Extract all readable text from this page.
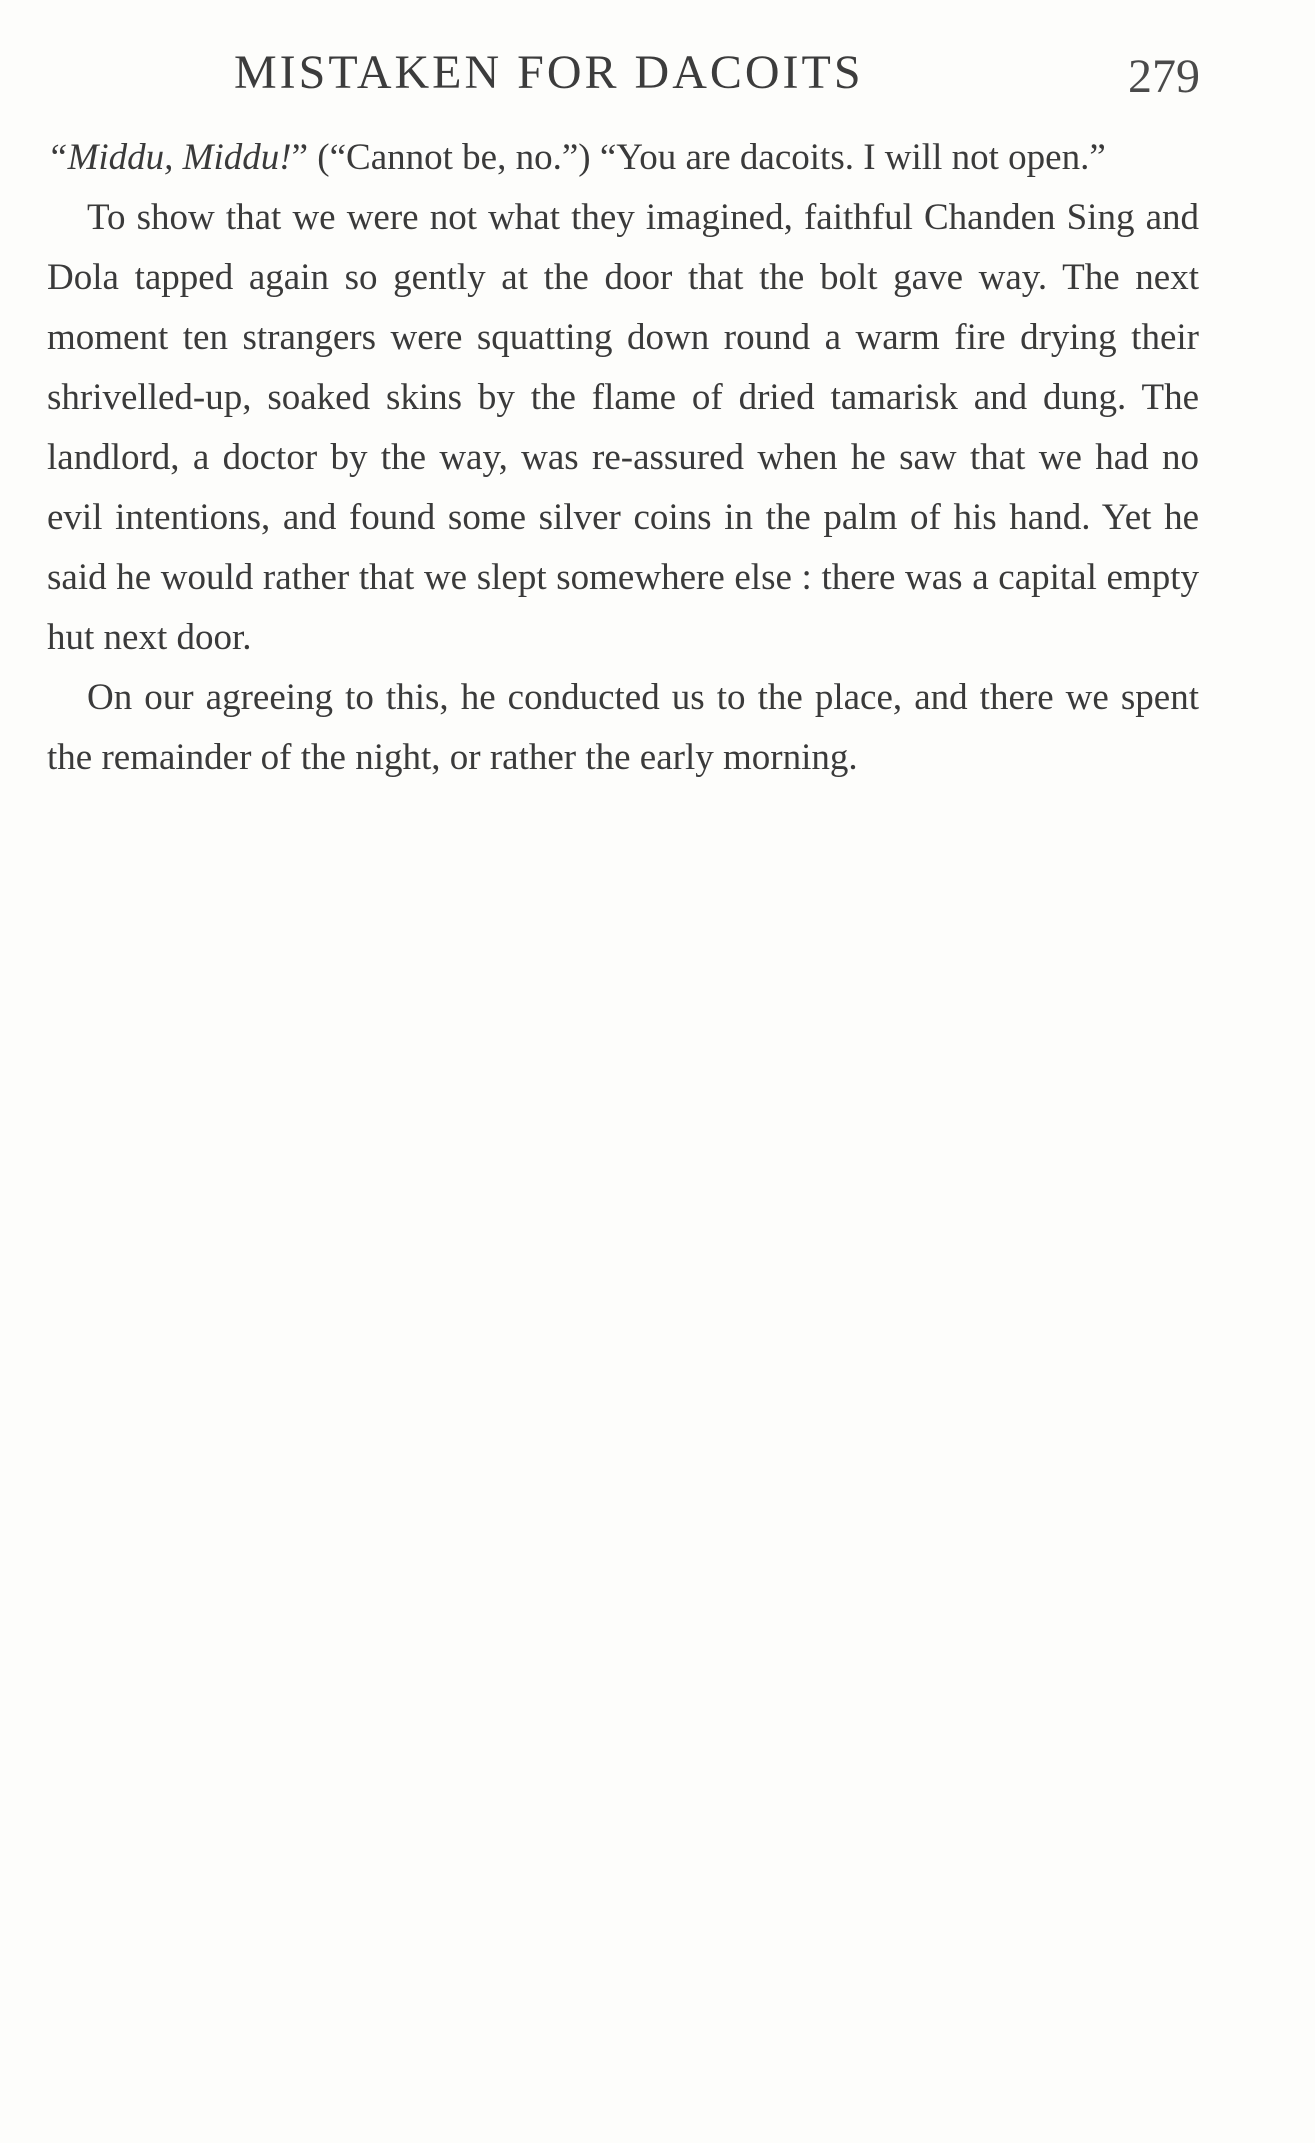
MISTAKEN FOR DACOITS	279

“Middu, Middu!” (“Cannot be, no.”) “You are dacoits. I will not open.”

To show that we were not what they imagined, faithful Chanden Sing and Dola tapped again so gently at the door that the bolt gave way. The next moment ten strangers were squatting down round a warm fire drying their shrivelled-up, soaked skins by the flame of dried tamarisk and dung. The landlord, a doctor by the way, was re-assured when he saw that we had no evil intentions, and found some silver coins in the palm of his hand. Yet he said he would rather that we slept somewhere else : there was a capital empty hut next door.

On our agreeing to this, he conducted us to the place, and there we spent the remainder of the night, or rather the early morning.
